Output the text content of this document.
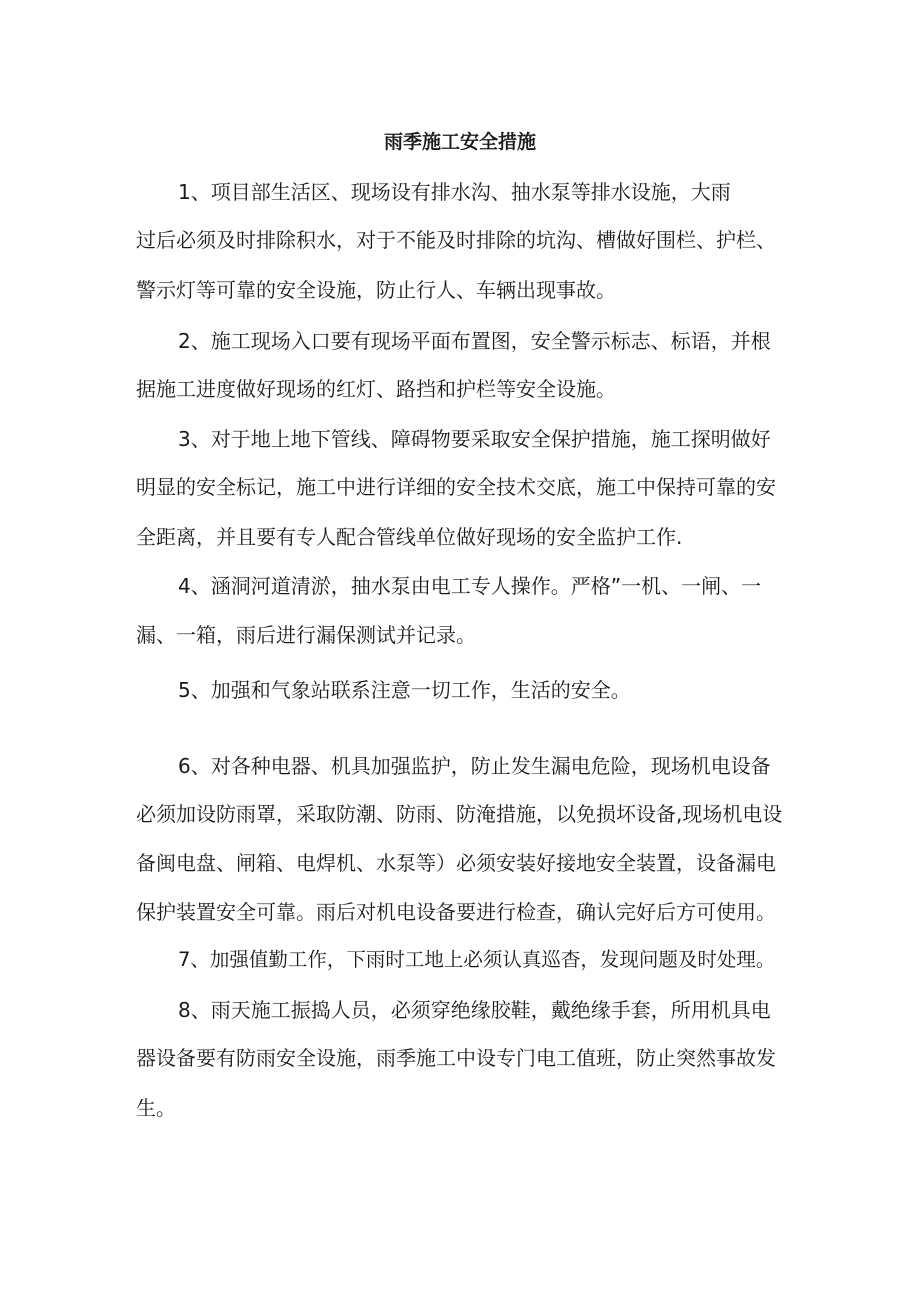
雨季施工安全措施
1、项目部生活区、现场设有排水沟、抽水泵等排水设施，大雨
过后必须及时排除积水，对于不能及时排除的坑沟、槽做好围栏、护栏、
警示灯等可靠的安全设施，防止行人、车辆出现事故。
2、施工现场入口要有现场平面布置图，安全警示标志、标语，并根
据施工进度做好现场的红灯、路挡和护栏等安全设施。
3、对于地上地下管线、障碍物要采取安全保护措施，施工探明做好
明显的安全标记，施工中进行详细的安全技术交底，施工中保持可靠的安
全距离，并且要有专人配合管线单位做好现场的安全监护工作.
4、涵洞河道清淤，抽水泵由电工专人操作。严格”一机、一闸、一
漏、一箱，雨后进行漏保测试并记录。
5、加强和气象站联系注意一切工作，生活的安全。
6、对各种电器、机具加强监护，防止发生漏电危险，现场机电设备
必须加设防雨罩，采取防潮、防雨、防淹措施，以免损坏设备,现场机电设
备闽电盘、闸箱、电焊机、水泵等）必须安装好接地安全装置，设备漏电
保护装置安全可靠。雨后对机电设备要进行检查，确认完好后方可使用。
7、加强值勤工作，下雨时工地上必须认真巡杳，发现问题及时处理。
8、雨天施工振捣人员，必须穿绝缘胶鞋，戴绝缘手套，所用机具电
器设备要有防雨安全设施，雨季施工中设专门电工值班，防止突然事故发
生。
